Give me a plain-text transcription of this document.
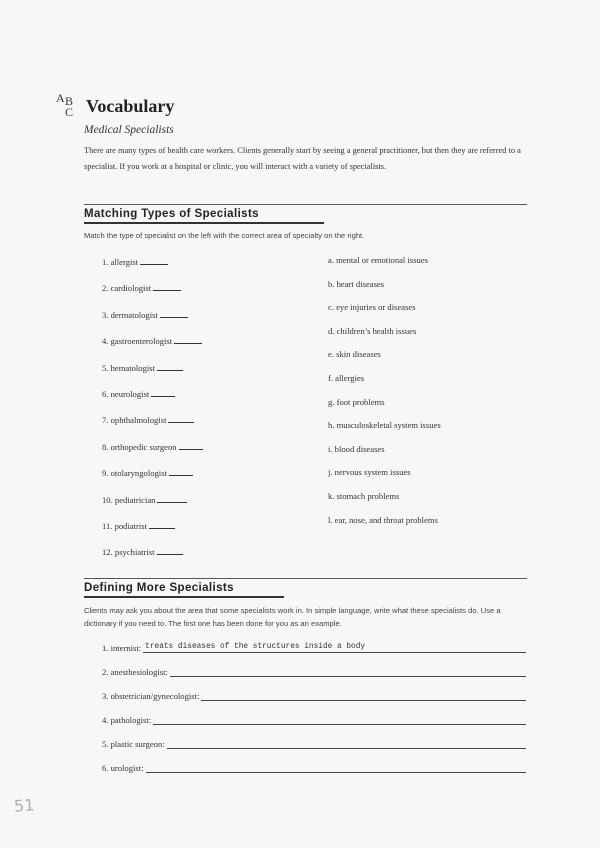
A B
C Vocabulary
Medical Specialists
There are many types of health care workers. Clients generally start by seeing a general practitioner, but then they are referred to a specialist. If you work at a hospital or clinic, you will interact with a variety of specialists.
Matching Types of Specialists
Match the type of specialist on the left with the correct area of specialty on the right.
1. allergist
2. cardiologist
3. dermatologist
4. gastroenterologist
5. hematologist
6. neurologist
7. ophthalmologist
8. orthopedic surgeon
9. otolaryngologist
10. pediatrician
11. podiatrist
12. psychiatrist
a. mental or emotional issues
b. heart diseases
c. eye injuries or diseases
d. children’s health issues
e. skin diseases
f. allergies
g. foot problems
h. musculoskeletal system issues
i. blood diseases
j. nervous system issues
k. stomach problems
l. ear, nose, and throat problems
Defining More Specialists
Clients may ask you about the area that some specialists work in. In simple language, write what these specialists do. Use a dictionary if you need to. The first one has been done for you as an example.
1. internist: treats diseases of the structures inside a body
2. anesthesiologist:
3. obstetrician/gynecologist:
4. pathologist:
5. plastic surgeon:
6. urologist:
51
